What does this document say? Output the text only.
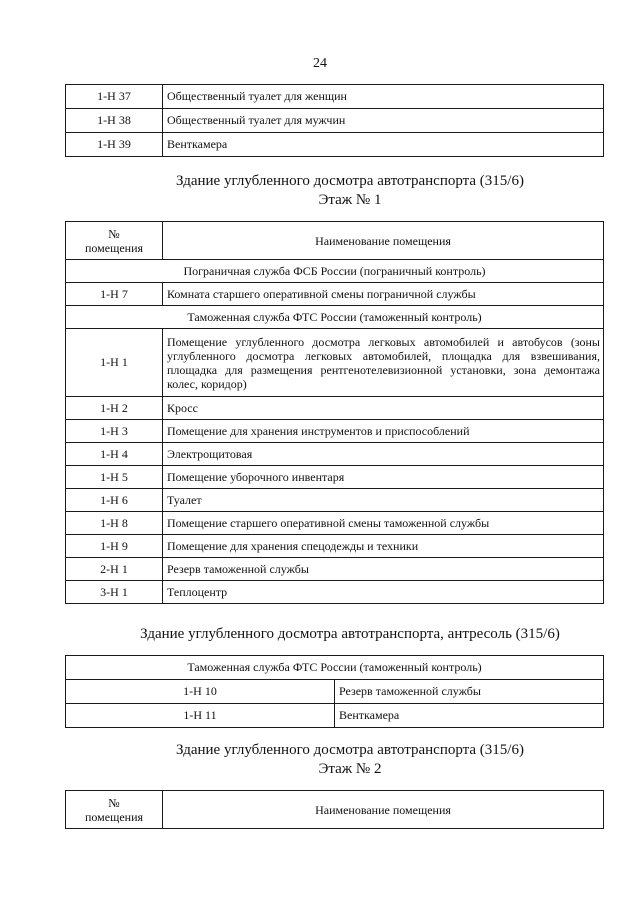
24
1-Н 37	Общественный туалет для женщин
1-Н 38	Общественный туалет для мужчин
1-Н 39	Венткамера
Здание углубленного досмотра автотранспорта (315/6)
Этаж № 1
№
помещения	Наименование помещения
Пограничная служба ФСБ России (пограничный контроль)	
1-Н 7	Комната старшего оперативной смены пограничной службы
Таможенная служба ФТС России (таможенный контроль)	
1-Н 1	Помещение углубленного досмотра легковых автомобилей и автобусов (зоны углубленного досмотра легковых автомобилей, площадка для взвешивания, площадка для размещения рентгенотелевизионной установки, зона демонтажа колес, коридор)
1-Н 2	Кросс
1-Н 3	Помещение для хранения инструментов и приспособлений
1-Н 4	Электрощитовая
1-Н 5	Помещение уборочного инвентаря
1-Н 6	Туалет
1-Н 8	Помещение старшего оперативной смены таможенной службы
1-Н 9	Помещение для хранения спецодежды и техники
2-Н 1	Резерв таможенной службы
3-Н 1	Теплоцентр
Здание углубленного досмотра автотранспорта, антресоль (315/6)
Таможенная служба ФТС России (таможенный контроль)	
1-Н 10	Резерв таможенной службы
1-Н 11	Венткамера
Здание углубленного досмотра автотранспорта (315/6)
Этаж № 2
№
помещения	Наименование помещения
